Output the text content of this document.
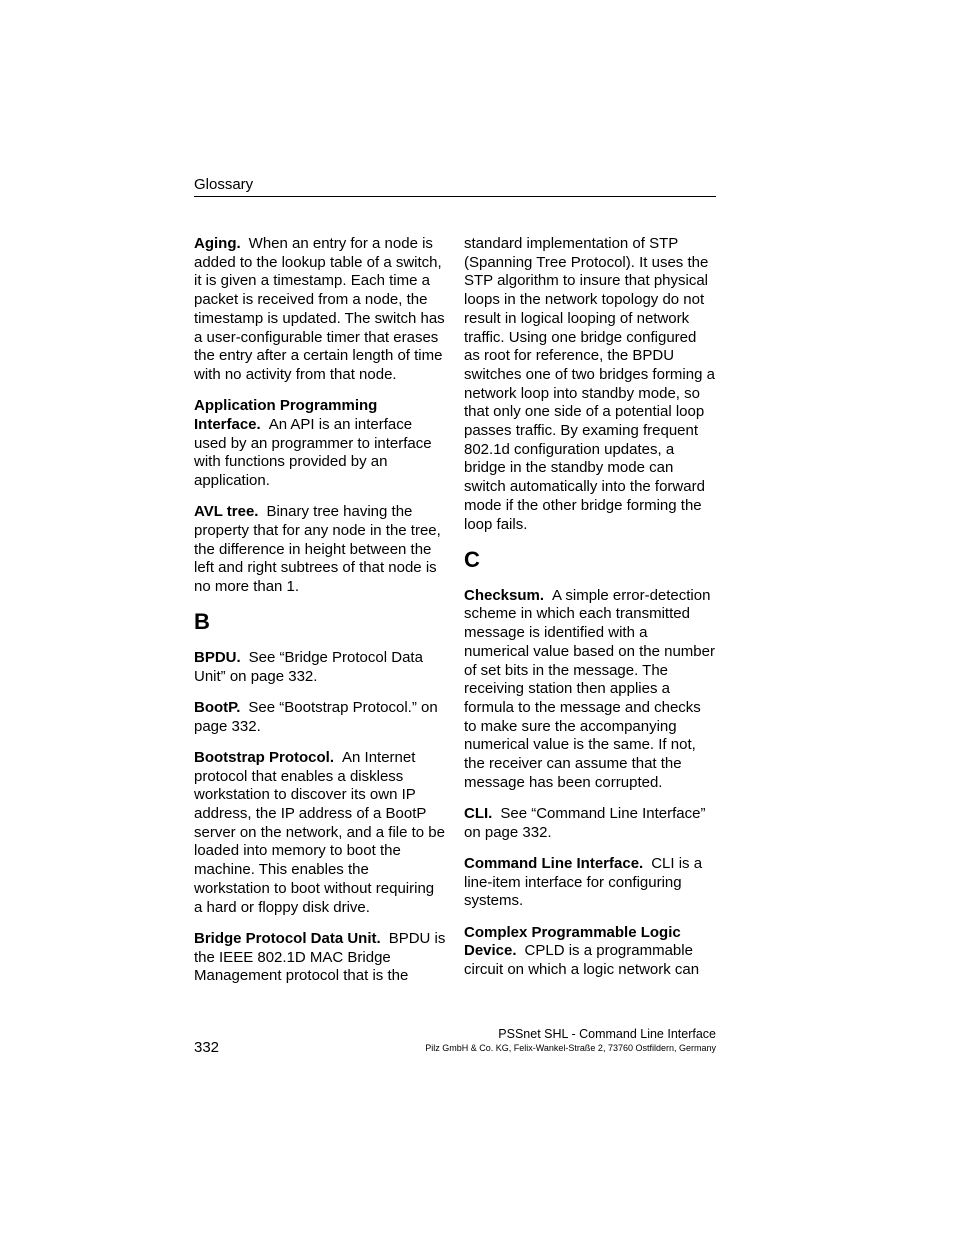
Glossary

Aging. When an entry for a node is added to the lookup table of a switch, it is given a timestamp. Each time a packet is received from a node, the timestamp is updated. The switch has a user-configurable timer that erases the entry after a certain length of time with no activity from that node.

Application Programming Interface. An API is an interface used by an programmer to interface with functions provided by an application.

AVL tree. Binary tree having the property that for any node in the tree, the difference in height between the left and right subtrees of that node is no more than 1.

B

BPDU. See “Bridge Protocol Data Unit” on page 332.

BootP. See “Bootstrap Protocol.” on page 332.

Bootstrap Protocol. An Internet protocol that enables a diskless workstation to discover its own IP address, the IP address of a BootP server on the network, and a file to be loaded into memory to boot the machine. This enables the workstation to boot without requiring a hard or floppy disk drive.

Bridge Protocol Data Unit. BPDU is the IEEE 802.1D MAC Bridge Management protocol that is the

standard implementation of STP (Spanning Tree Protocol). It uses the STP algorithm to insure that physical loops in the network topology do not result in logical looping of network traffic. Using one bridge configured as root for reference, the BPDU switches one of two bridges forming a network loop into standby mode, so that only one side of a potential loop passes traffic. By examing frequent 802.1d configuration updates, a bridge in the standby mode can switch automatically into the forward mode if the other bridge forming the loop fails.

C

Checksum. A simple error-detection scheme in which each transmitted message is identified with a numerical value based on the number of set bits in the message. The receiving station then applies a formula to the message and checks to make sure the accompanying numerical value is the same. If not, the receiver can assume that the message has been corrupted.

CLI. See “Command Line Interface” on page 332.

Command Line Interface. CLI is a line-item interface for configuring systems.

Complex Programmable Logic Device. CPLD is a programmable circuit on which a logic network can

332
PSSnet SHL - Command Line Interface
Pilz GmbH & Co. KG, Felix-Wankel-Straße 2, 73760 Ostfildern, Germany
